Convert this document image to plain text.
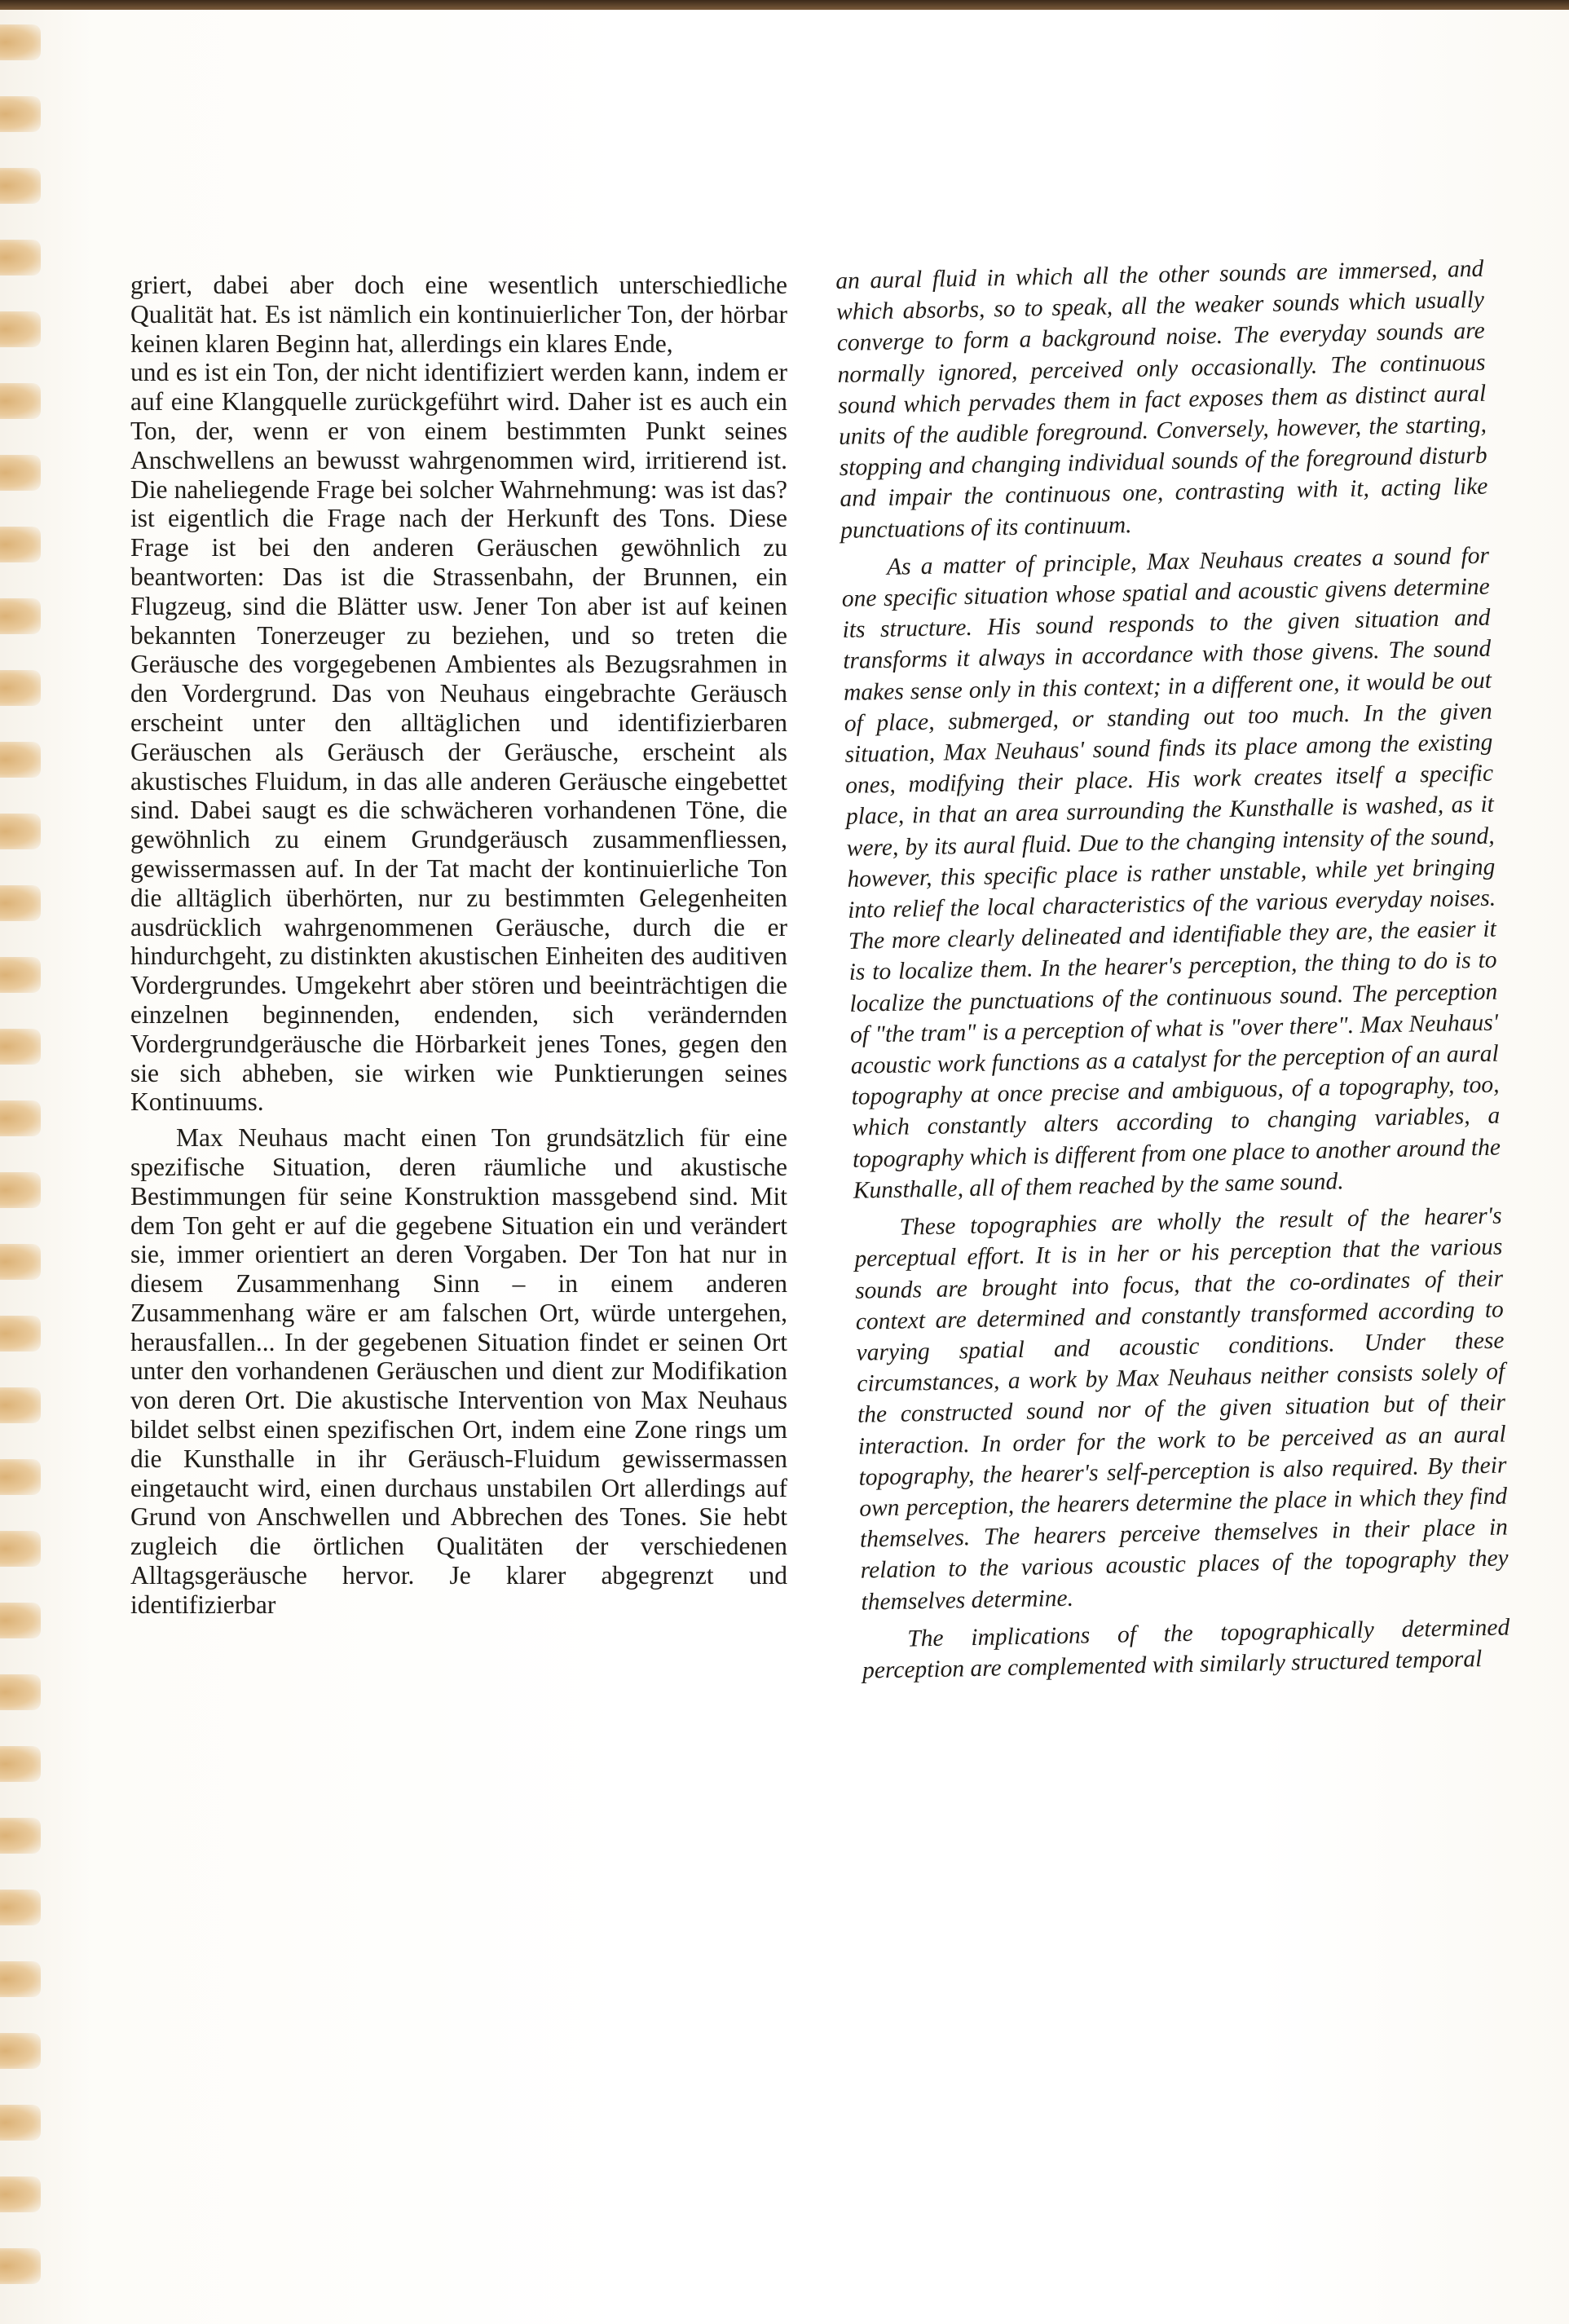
griert, dabei aber doch eine wesentlich unterschiedliche Qualität hat. Es ist nämlich ein kontinuierlicher Ton, der hörbar keinen klaren Beginn hat, allerdings ein klares Ende,

und es ist ein Ton, der nicht identifiziert werden kann, indem er auf eine Klangquelle zurückgeführt wird. Daher ist es auch ein Ton, der, wenn er von einem bestimmten Punkt seines Anschwellens an bewusst wahrgenommen wird, irritierend ist. Die naheliegende Frage bei solcher Wahrnehmung: was ist das? ist eigentlich die Frage nach der Herkunft des Tons. Diese Frage ist bei den anderen Geräuschen gewöhnlich zu beantworten: Das ist die Strassenbahn, der Brunnen, ein Flugzeug, sind die Blätter usw. Jener Ton aber ist auf keinen bekannten Tonerzeuger zu beziehen, und so treten die Geräusche des vorgegebenen Ambientes als Bezugsrahmen in den Vordergrund. Das von Neuhaus eingebrachte Geräusch erscheint unter den alltäglichen und identifizierbaren Geräuschen als Geräusch der Geräusche, erscheint als akustisches Fluidum, in das alle anderen Geräusche eingebettet sind. Dabei saugt es die schwächeren vorhandenen Töne, die gewöhnlich zu einem Grundgeräusch zusammenfliessen, gewissermassen auf. In der Tat macht der kontinuierliche Ton die alltäglich überhörten, nur zu bestimmten Gelegenheiten ausdrücklich wahrgenommenen Geräusche, durch die er hindurchgeht, zu distinkten akustischen Einheiten des auditiven Vordergrundes. Umgekehrt aber stören und beeinträchtigen die einzelnen beginnenden, endenden, sich verändernden Vordergrundgeräusche die Hörbarkeit jenes Tones, gegen den sie sich abheben, sie wirken wie Punktierungen seines Kontinuums.

Max Neuhaus macht einen Ton grundsätzlich für eine spezifische Situation, deren räumliche und akustische Bestimmungen für seine Konstruktion massgebend sind. Mit dem Ton geht er auf die gegebene Situation ein und verändert sie, immer orientiert an deren Vorgaben. Der Ton hat nur in diesem Zusammenhang Sinn – in einem anderen Zusammenhang wäre er am falschen Ort, würde untergehen, herausfallen... In der gegebenen Situation findet er seinen Ort unter den vorhandenen Geräuschen und dient zur Modifikation von deren Ort. Die akustische Intervention von Max Neuhaus bildet selbst einen spezifischen Ort, indem eine Zone rings um die Kunsthalle in ihr Geräusch-Fluidum gewissermassen eingetaucht wird, einen durchaus unstabilen Ort allerdings auf Grund von Anschwellen und Abbrechen des Tones. Sie hebt zugleich die örtlichen Qualitäten der verschiedenen Alltagsgeräusche hervor. Je klarer abgegrenzt und identifizierbar

an aural fluid in which all the other sounds are immersed, and which absorbs, so to speak, all the weaker sounds which usually converge to form a background noise. The everyday sounds are normally ignored, perceived only occasionally. The continuous sound which pervades them in fact exposes them as distinct aural units of the audible foreground. Conversely, however, the starting, stopping and changing individual sounds of the foreground disturb and impair the continuous one, contrasting with it, acting like punctuations of its continuum.

As a matter of principle, Max Neuhaus creates a sound for one specific situation whose spatial and acoustic givens determine its structure. His sound responds to the given situation and transforms it always in accordance with those givens. The sound makes sense only in this context; in a different one, it would be out of place, submerged, or standing out too much. In the given situation, Max Neuhaus' sound finds its place among the existing ones, modifying their place. His work creates itself a specific place, in that an area surrounding the Kunsthalle is washed, as it were, by its aural fluid. Due to the changing intensity of the sound, however, this specific place is rather unstable, while yet bringing into relief the local characteristics of the various everyday noises. The more clearly delineated and identifiable they are, the easier it is to localize them. In the hearer's perception, the thing to do is to localize the punctuations of the continuous sound. The perception of "the tram" is a perception of what is "over there". Max Neuhaus' acoustic work functions as a catalyst for the perception of an aural topography at once precise and ambiguous, of a topography, too, which constantly alters according to changing variables, a topography which is different from one place to another around the Kunsthalle, all of them reached by the same sound.

These topographies are wholly the result of the hearer's perceptual effort. It is in her or his perception that the various sounds are brought into focus, that the co-ordinates of their context are determined and constantly transformed according to varying spatial and acoustic conditions. Under these circumstances, a work by Max Neuhaus neither consists solely of the constructed sound nor of the given situation but of their interaction. In order for the work to be perceived as an aural topography, the hearer's self-perception is also required. By their own perception, the hearers determine the place in which they find themselves. The hearers perceive themselves in their place in relation to the various acoustic places of the topography they themselves determine.

The implications of the topographically determined perception are complemented with similarly structured temporal
